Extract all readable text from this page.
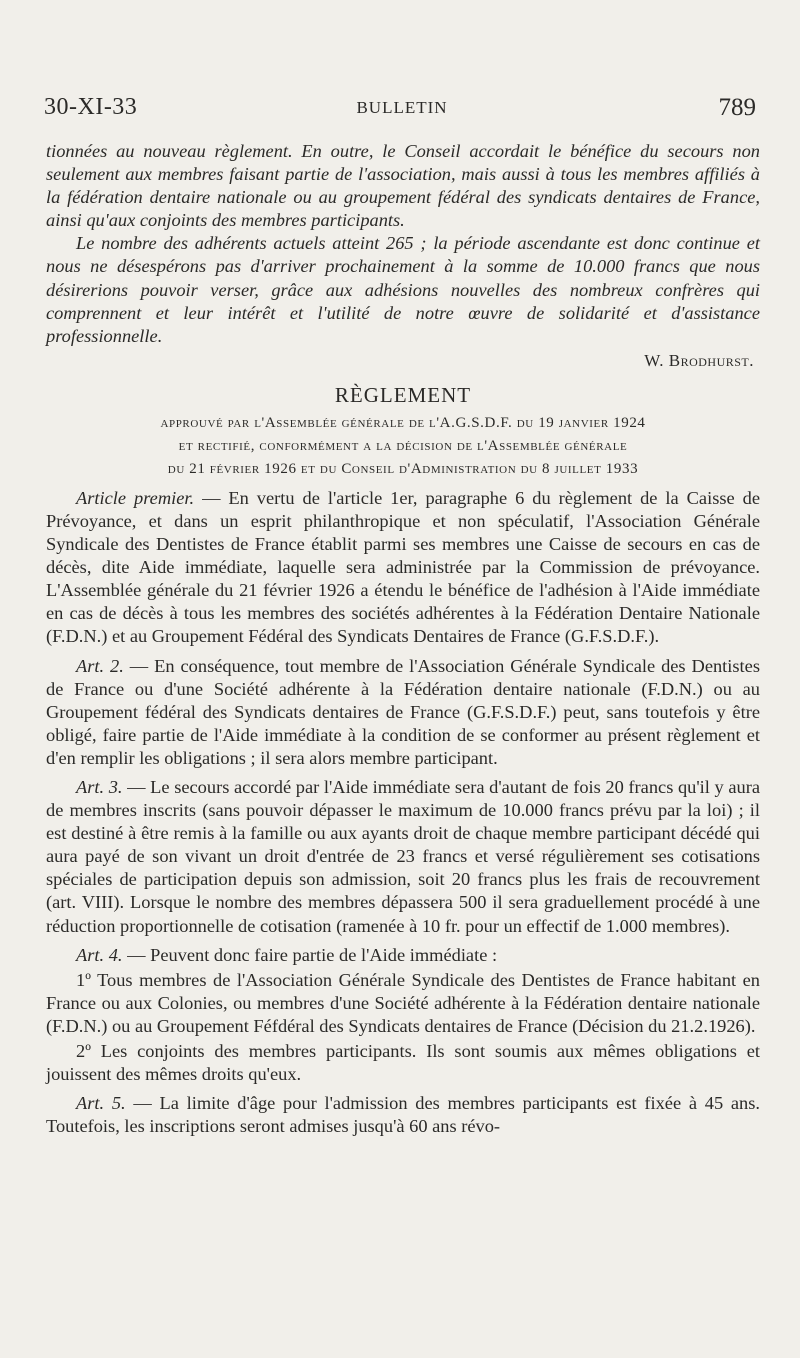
30-XI-33	BULLETIN	789

tionnées au nouveau règlement. En outre, le Conseil accordait le bénéfice du secours non seulement aux membres faisant partie de l'association, mais aussi à tous les membres affiliés à la fédération dentaire nationale ou au groupement fédéral des syndicats dentaires de France, ainsi qu'aux conjoints des membres participants.

Le nombre des adhérents actuels atteint 265 ; la période ascendante est donc continue et nous ne désespérons pas d'arriver prochainement à la somme de 10.000 francs que nous désirerions pouvoir verser, grâce aux adhésions nouvelles des nombreux confrères qui comprennent et leur intérêt et l'utilité de notre œuvre de solidarité et d'assistance professionnelle.

W. Brodhurst.

RÈGLEMENT
approuvé par l'Assemblée générale de l'A.G.S.D.F. du 19 janvier 1924
et rectifié, conformément a la décision de l'Assemblée générale
du 21 février 1926 et du Conseil d'Administration du 8 juillet 1933

Article premier. — En vertu de l'article 1er, paragraphe 6 du règlement de la Caisse de Prévoyance, et dans un esprit philanthropique et non spéculatif, l'Association Générale Syndicale des Dentistes de France établit parmi ses membres une Caisse de secours en cas de décès, dite Aide immédiate, laquelle sera administrée par la Commission de prévoyance. L'Assemblée générale du 21 février 1926 a étendu le bénéfice de l'adhésion à l'Aide immédiate en cas de décès à tous les membres des sociétés adhérentes à la Fédération Dentaire Nationale (F.D.N.) et au Groupement Fédéral des Syndicats Dentaires de France (G.F.S.D.F.).

Art. 2. — En conséquence, tout membre de l'Association Générale Syndicale des Dentistes de France ou d'une Société adhérente à la Fédération dentaire nationale (F.D.N.) ou au Groupement fédéral des Syndicats dentaires de France (G.F.S.D.F.) peut, sans toutefois y être obligé, faire partie de l'Aide immédiate à la condition de se conformer au présent règlement et d'en remplir les obligations ; il sera alors membre participant.

Art. 3. — Le secours accordé par l'Aide immédiate sera d'autant de fois 20 francs qu'il y aura de membres inscrits (sans pouvoir dépasser le maximum de 10.000 francs prévu par la loi) ; il est destiné à être remis à la famille ou aux ayants droit de chaque membre participant décédé qui aura payé de son vivant un droit d'entrée de 23 francs et versé régulièrement ses cotisations spéciales de participation depuis son admission, soit 20 francs plus les frais de recouvrement (art. VIII). Lorsque le nombre des membres dépassera 500 il sera graduellement procédé à une réduction proportionnelle de cotisation (ramenée à 10 fr. pour un effectif de 1.000 membres).

Art. 4. — Peuvent donc faire partie de l'Aide immédiate :

1º Tous membres de l'Association Générale Syndicale des Dentistes de France habitant en France ou aux Colonies, ou membres d'une Société adhérente à la Fédération dentaire nationale (F.D.N.) ou au Groupement Féfdéral des Syndicats dentaires de France (Décision du 21.2.1926).

2º Les conjoints des membres participants. Ils sont soumis aux mêmes obligations et jouissent des mêmes droits qu'eux.

Art. 5. — La limite d'âge pour l'admission des membres participants est fixée à 45 ans. Toutefois, les inscriptions seront admises jusqu'à 60 ans révo-
